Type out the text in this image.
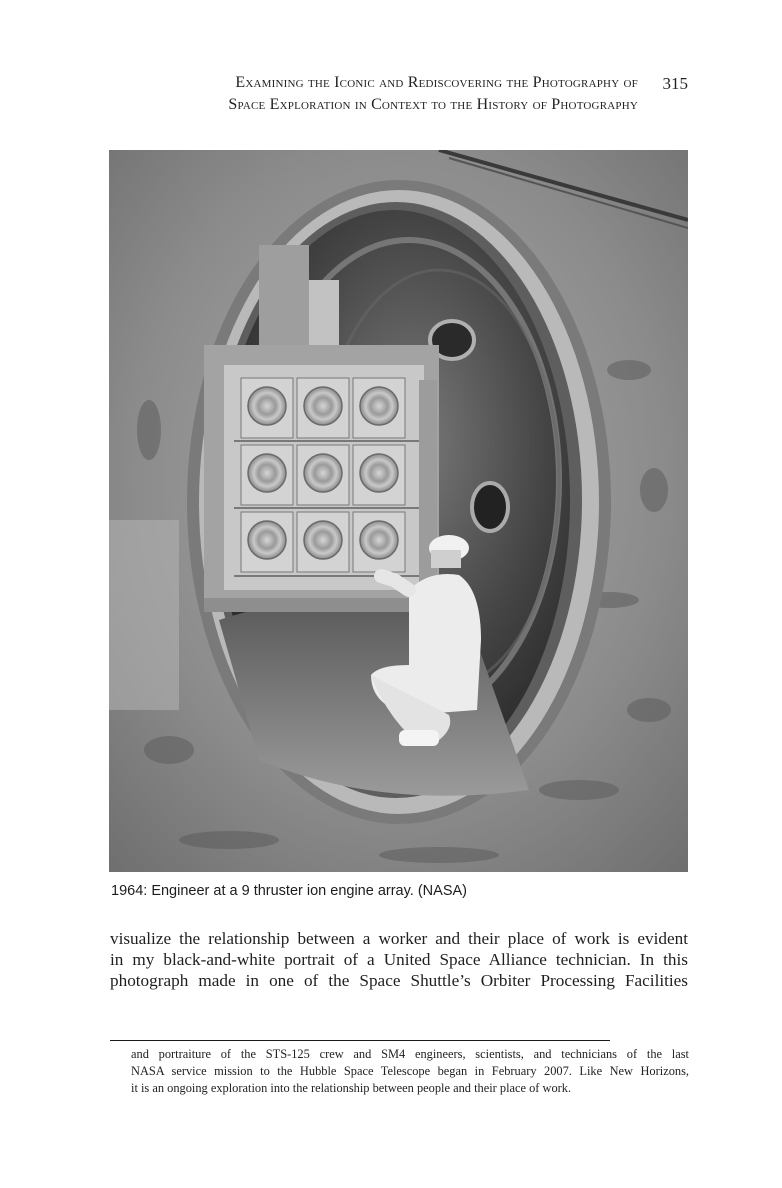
Examining the Iconic and Rediscovering the Photography of
Space Exploration in Context to the History of Photography
315
1964: Engineer at a 9 thruster ion engine array. (NASA)
visualize the relationship between a worker and their place of work is evident
in my black-and-white portrait of a United Space Alliance technician. In this
photograph made in one of the Space Shuttle’s Orbiter Processing Facilities
and portraiture of the STS-125 crew and SM4 engineers, scientists, and technicians of the last
NASA service mission to the Hubble Space Telescope began in February 2007. Like New Horizons,
it is an ongoing exploration into the relationship between people and their place of work.
